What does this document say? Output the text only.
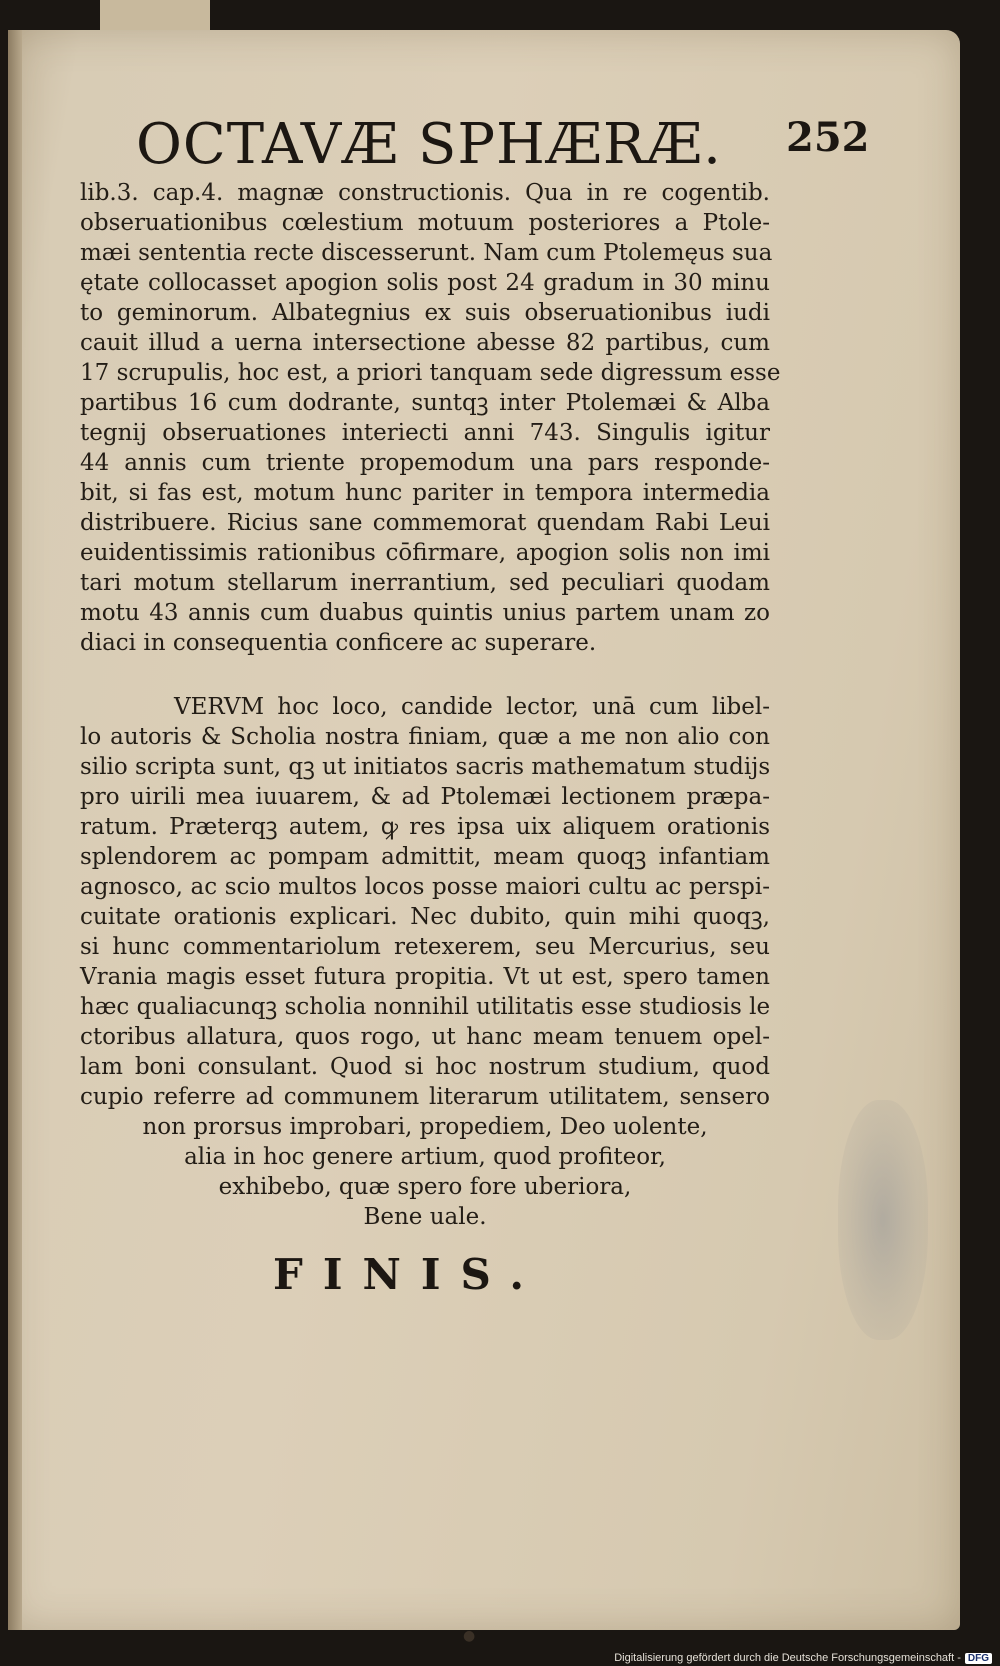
OCTAVÆ SPHÆRÆ. 252
lib.3. cap.4. magnæ constructionis. Qua in re cogentib.
obseruationibus cœlestium motuum posteriores a Ptole-
mæi sententia recte discesserunt. Nam cum Ptolemęus sua
ętate collocasset apogion solis post 24 gradum in 30 minu
to geminorum. Albategnius ex suis obseruationibus iudi
cauit illud a uerna intersectione abesse 82 partibus, cum
17 scrupulis, hoc est, a priori tanquam sede digressum esse
partibus 16 cum dodrante, suntqꝫ inter Ptolemæi & Alba
tegnij obseruationes interiecti anni 743. Singulis igitur
44 annis cum triente propemodum una pars responde-
bit, si fas est, motum hunc pariter in tempora intermedia
distribuere. Ricius sane commemorat quendam Rabi Leui
euidentissimis rationibus cōfirmare, apogion solis non imi
tari motum stellarum inerrantium, sed peculiari quodam
motu 43 annis cum duabus quintis unius partem unam zo
diaci in consequentia conficere ac superare.
VERVM hoc loco, candide lector, unā cum libel-
lo autoris & Scholia nostra finiam, quæ a me non alio con
silio scripta sunt, qꝫ ut initiatos sacris mathematum studijs
pro uirili mea iuuarem, & ad Ptolemæi lectionem præpa-
ratum. Præterqꝫ autem, ꝙ res ipsa uix aliquem orationis
splendorem ac pompam admittit, meam quoqꝫ infantiam
agnosco, ac scio multos locos posse maiori cultu ac perspi-
cuitate orationis explicari. Nec dubito, quin mihi quoqꝫ,
si hunc commentariolum retexerem, seu Mercurius, seu
Vrania magis esset futura propitia. Vt ut est, spero tamen
hæc qualiacunqꝫ scholia nonnihil utilitatis esse studiosis le
ctoribus allatura, quos rogo, ut hanc meam tenuem opel-
lam boni consulant. Quod si hoc nostrum studium, quod
cupio referre ad communem literarum utilitatem, sensero
non prorsus improbari, propediem, Deo uolente,
alia in hoc genere artium, quod profiteor,
exhibebo, quæ spero fore uberiora,
Bene uale.
FINIS.
●
Digitalisierung gefördert durch die Deutsche Forschungsgemeinschaft - DFG
